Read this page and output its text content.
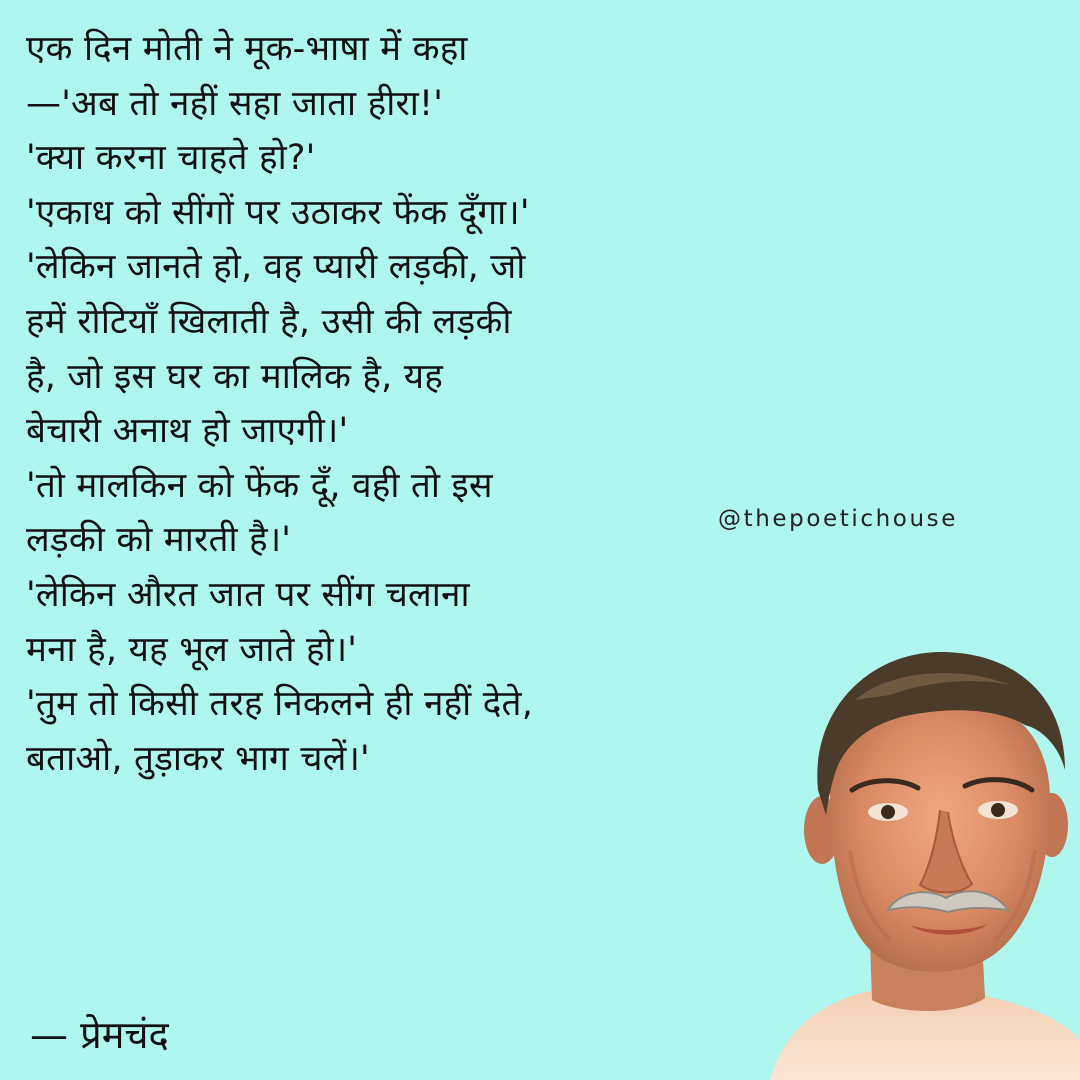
एक दिन मोती ने मूक-भाषा में कहा
—'अब तो नहीं सहा जाता हीरा!'
'क्या करना चाहते हो?'
'एकाध को सींगों पर उठाकर फेंक दूँगा।'
'लेकिन जानते हो, वह प्यारी लड़की, जो
हमें रोटियाँ खिलाती है, उसी की लड़की
है, जो इस घर का मालिक है, यह
बेचारी अनाथ हो जाएगी।'
'तो मालकिन को फेंक दूँ, वही तो इस
लड़की को मारती है।'
'लेकिन औरत जात पर सींग चलाना
मना है, यह भूल जाते हो।'
'तुम तो किसी तरह निकलने ही नहीं देते,
बताओ, तुड़ाकर भाग चलें।'
— प्रेमचंद
@thepoetichouse
